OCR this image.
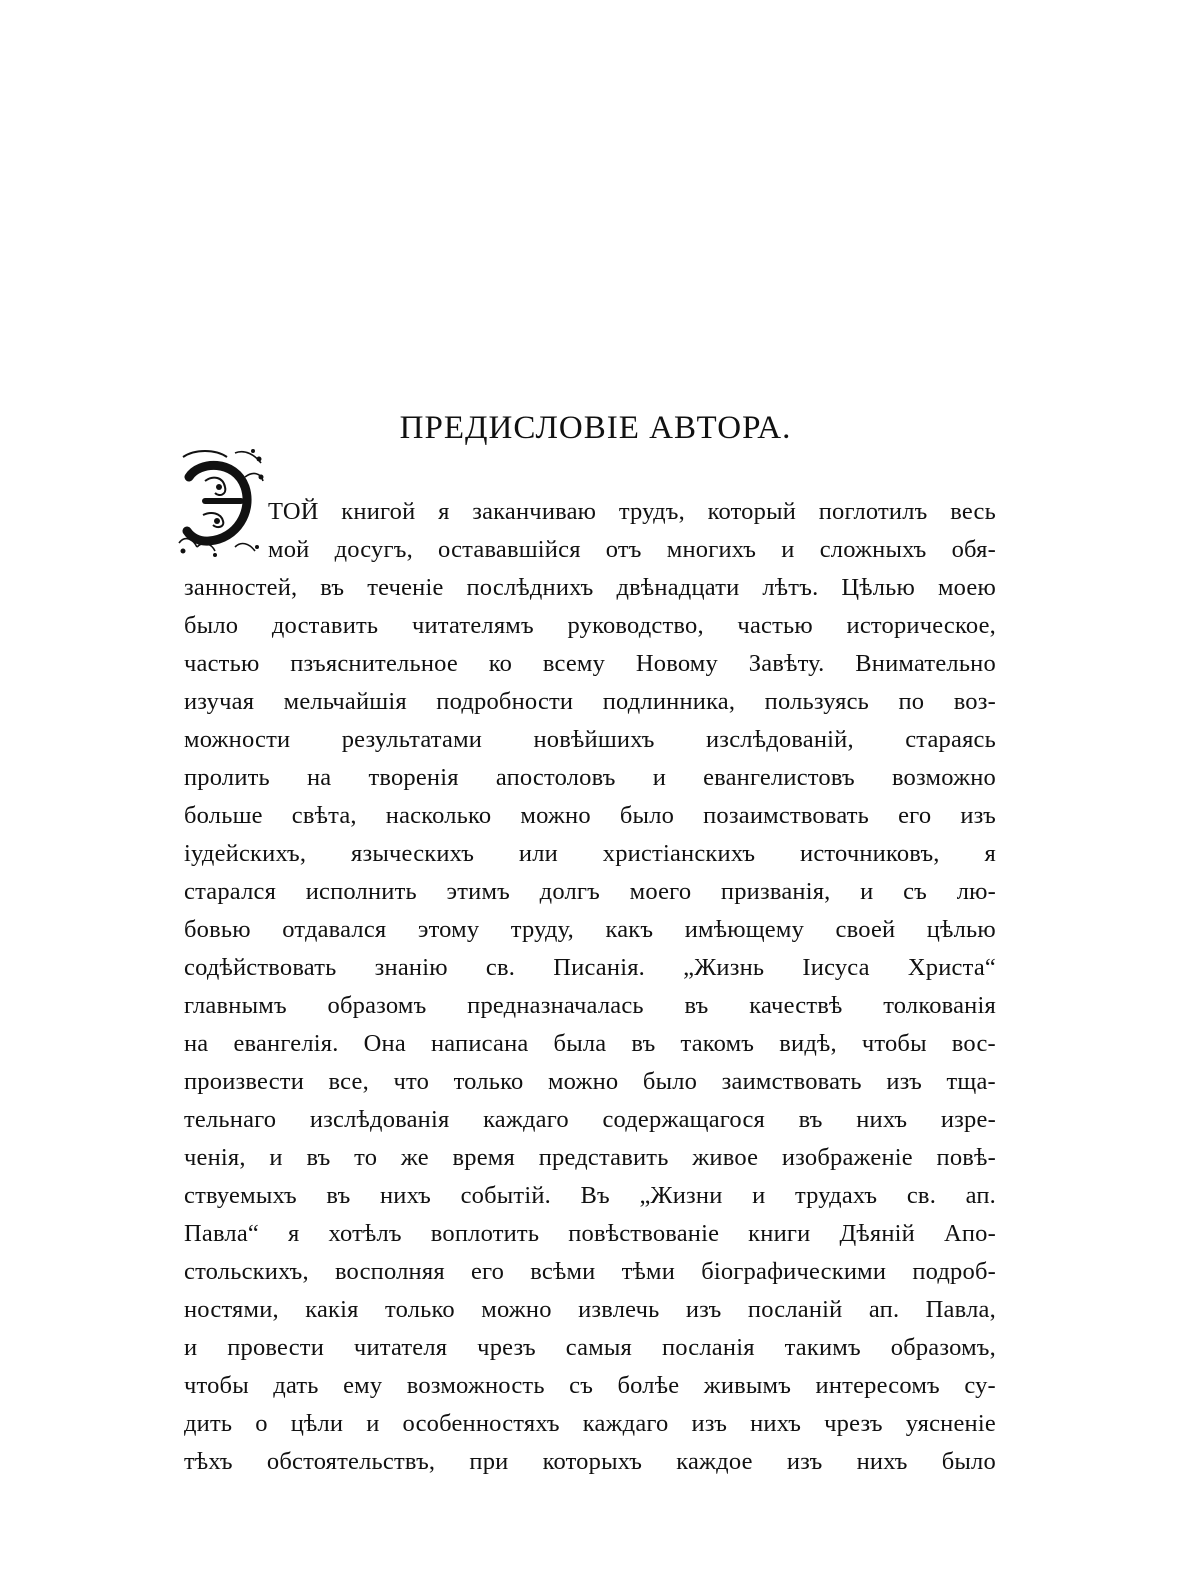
ПРЕДИСЛОВІЕ АВТОРА.
ТОЙ книгой я заканчиваю трудъ, который поглотилъ весь
мой досугъ, остававшійся отъ многихъ и сложныхъ обя-
занностей, въ теченіе послѣднихъ двѣнадцати лѣтъ. Цѣлью моею
было доставить читателямъ руководство, частью историческое,
частью пзъяснительное ко всему Новому Завѣту. Внимательно
изучая мельчайшія подробности подлинника, пользуясь по воз-
можности результатами новѣйшихъ изслѣдованій, стараясь
пролить на творенія апостоловъ и евангелистовъ возможно
больше свѣта, насколько можно было позаимствовать его изъ
іудейскихъ, языческихъ или христіанскихъ источниковъ, я
старался исполнить этимъ долгъ моего призванія, и съ лю-
бовью отдавался этому труду, какъ имѣющему своей цѣлью
содѣйствовать знанію св. Писанія. „Жизнь Іисуса Христа“
главнымъ образомъ предназначалась въ качествѣ толкованія
на евангелія. Она написана была въ такомъ видѣ, чтобы вос-
произвести все, что только можно было заимствовать изъ тща-
тельнаго изслѣдованія каждаго содержащагося въ нихъ изре-
ченія, и въ то же время представить живое изображеніе повѣ-
ствуемыхъ въ нихъ событій. Въ „Жизни и трудахъ св. ап.
Павла“ я хотѣлъ воплотить повѣствованіе книги Дѣяній Апо-
стольскихъ, восполняя его всѣми тѣми біографическими подроб-
ностями, какія только можно извлечь изъ посланій ап. Павла,
и провести читателя чрезъ самыя посланія такимъ образомъ,
чтобы дать ему возможность съ болѣе живымъ интересомъ су-
дить о цѣли и особенностяхъ каждаго изъ нихъ чрезъ уясненіе
тѣхъ обстоятельствъ, при которыхъ каждое изъ нихъ было
